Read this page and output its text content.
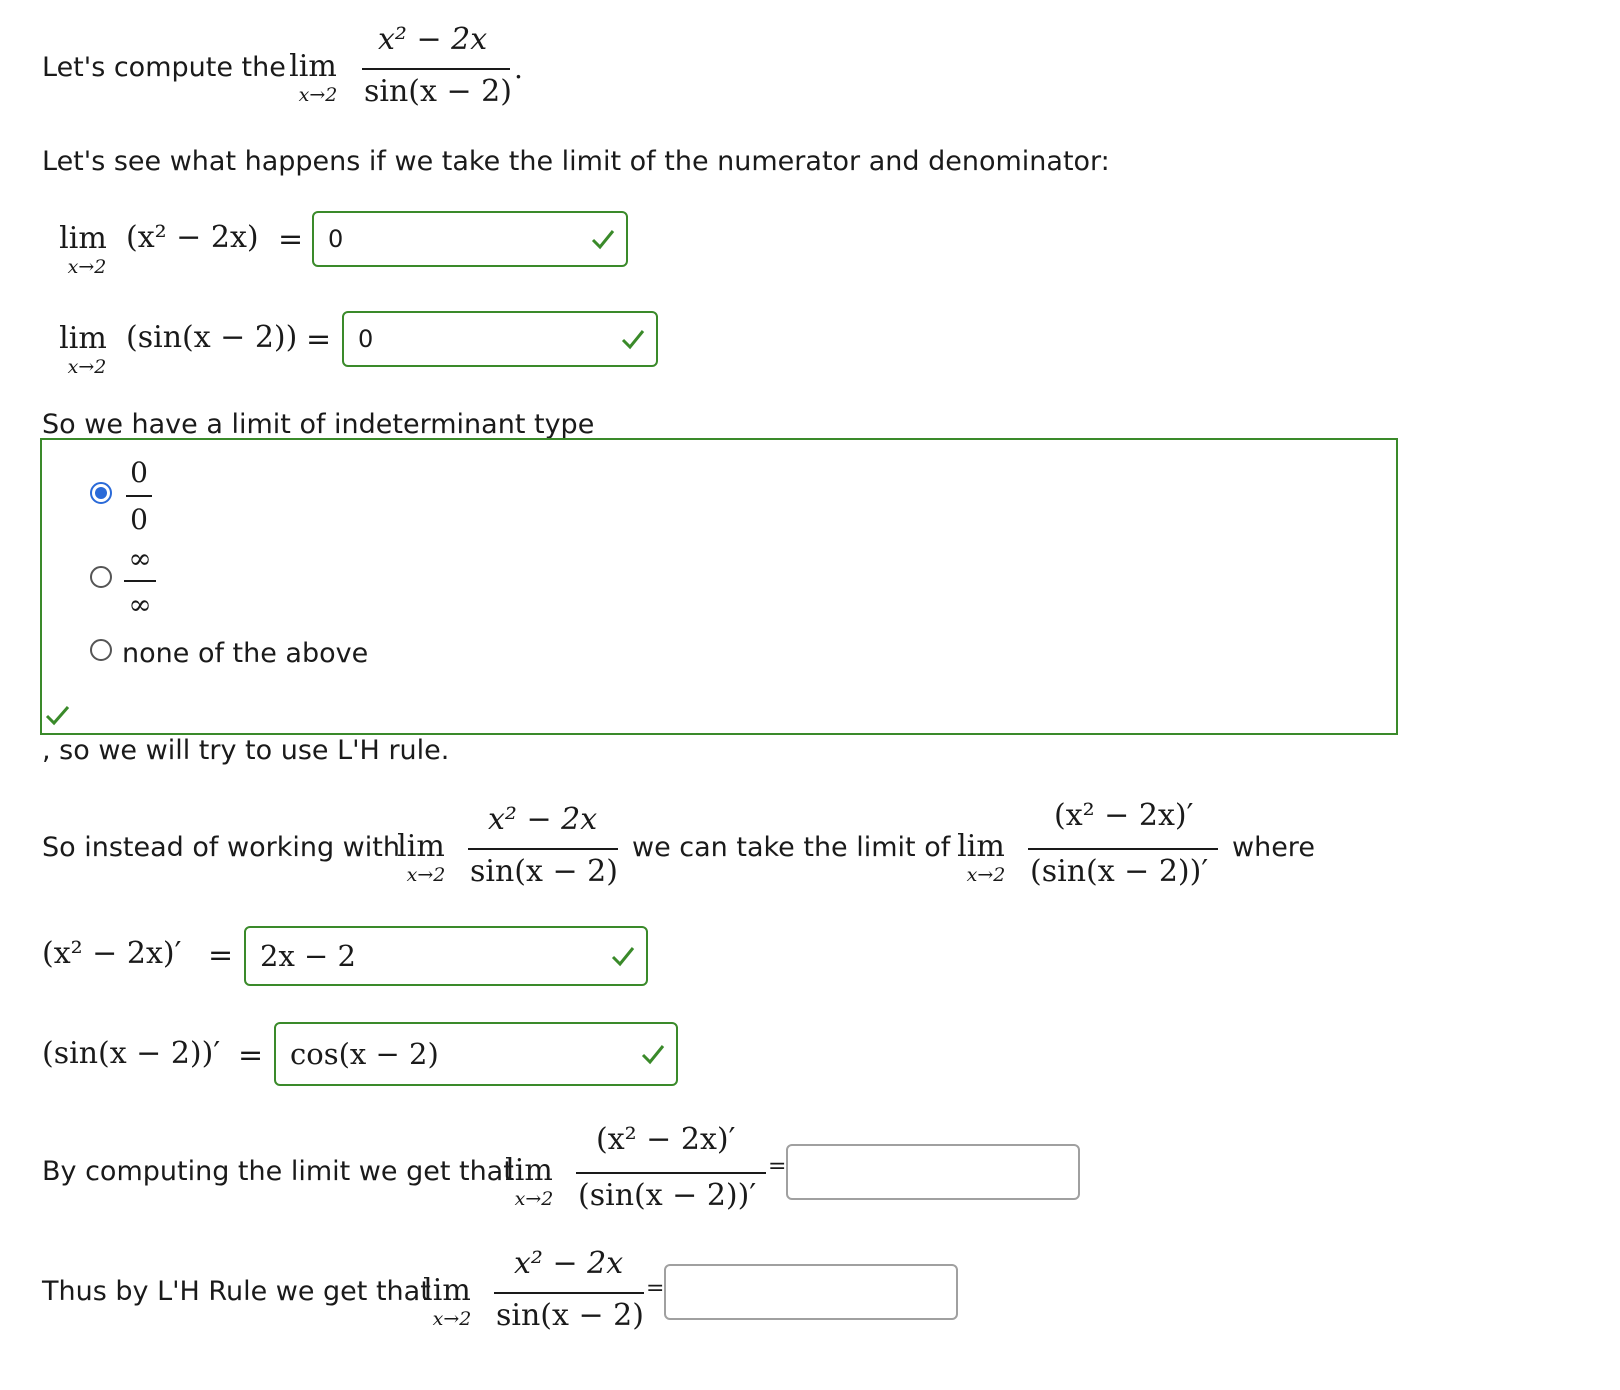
Let's compute the lim
x→2
x² − 2x
sin(x − 2)
.
Let's see what happens if we take the limit of the numerator and denominator:
lim
x→2
(x² − 2x) = 0
lim
x→2
(sin(x − 2)) = 0
So we have a limit of indeterminant type
0
0
∞
∞
none of the above
, so we will try to use L'H rule.
So instead of working with
lim
x→2
x² − 2x
sin(x − 2)
we can take the limit of lim
x→2
(x² − 2x)′
(sin(x − 2))′
where
(x² − 2x)′ = 2x − 2
(sin(x − 2))′ = cos(x − 2)
By computing the limit we get that
lim
x→2
(x² − 2x)′
(sin(x − 2))′
=
Thus by L'H Rule we get that
lim
x→2
x² − 2x
sin(x − 2)
=
